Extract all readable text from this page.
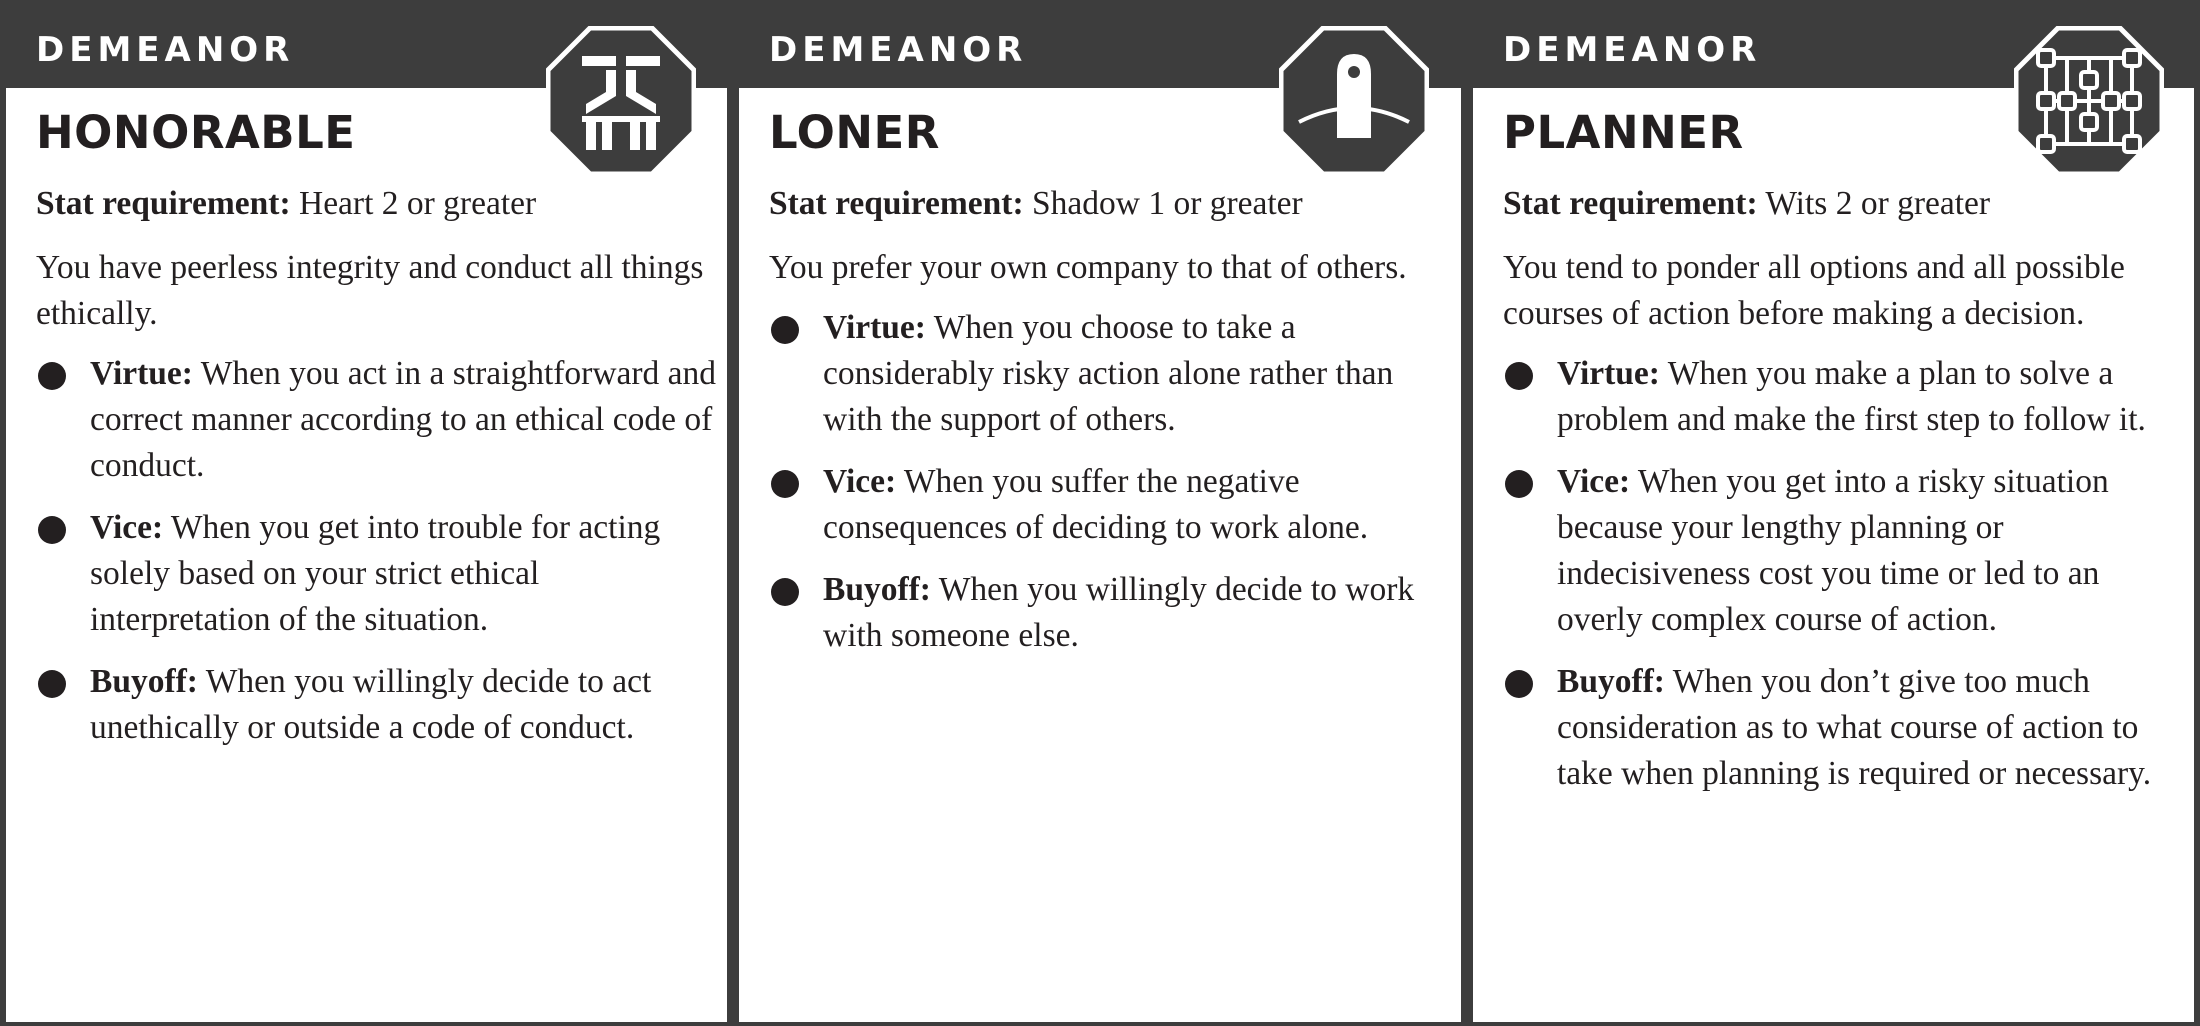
DEMEANOR
HONORABLE
Stat requirement: Heart 2 or greater
You have peerless integrity and conduct all things ethically.
Virtue: When you act in a straightforward and correct manner according to an ethical code of conduct.
Vice: When you get into trouble for acting solely based on your strict ethical interpretation of the situation.
Buyoff: When you willingly decide to act unethically or outside a code of conduct.
DEMEANOR
LONER
Stat requirement: Shadow 1 or greater
You prefer your own company to that of others.
Virtue: When you choose to take a considerably risky action alone rather than with the support of others.
Vice: When you suffer the negative consequences of deciding to work alone.
Buyoff: When you willingly decide to work with someone else.
DEMEANOR
PLANNER
Stat requirement: Wits 2 or greater
You tend to ponder all options and all possible courses of action before making a decision.
Virtue: When you make a plan to solve a problem and make the first step to follow it.
Vice: When you get into a risky situation because your lengthy planning or indecisiveness cost you time or led to an overly complex course of action.
Buyoff: When you don’t give too much consideration as to what course of action to take when planning is required or necessary.
